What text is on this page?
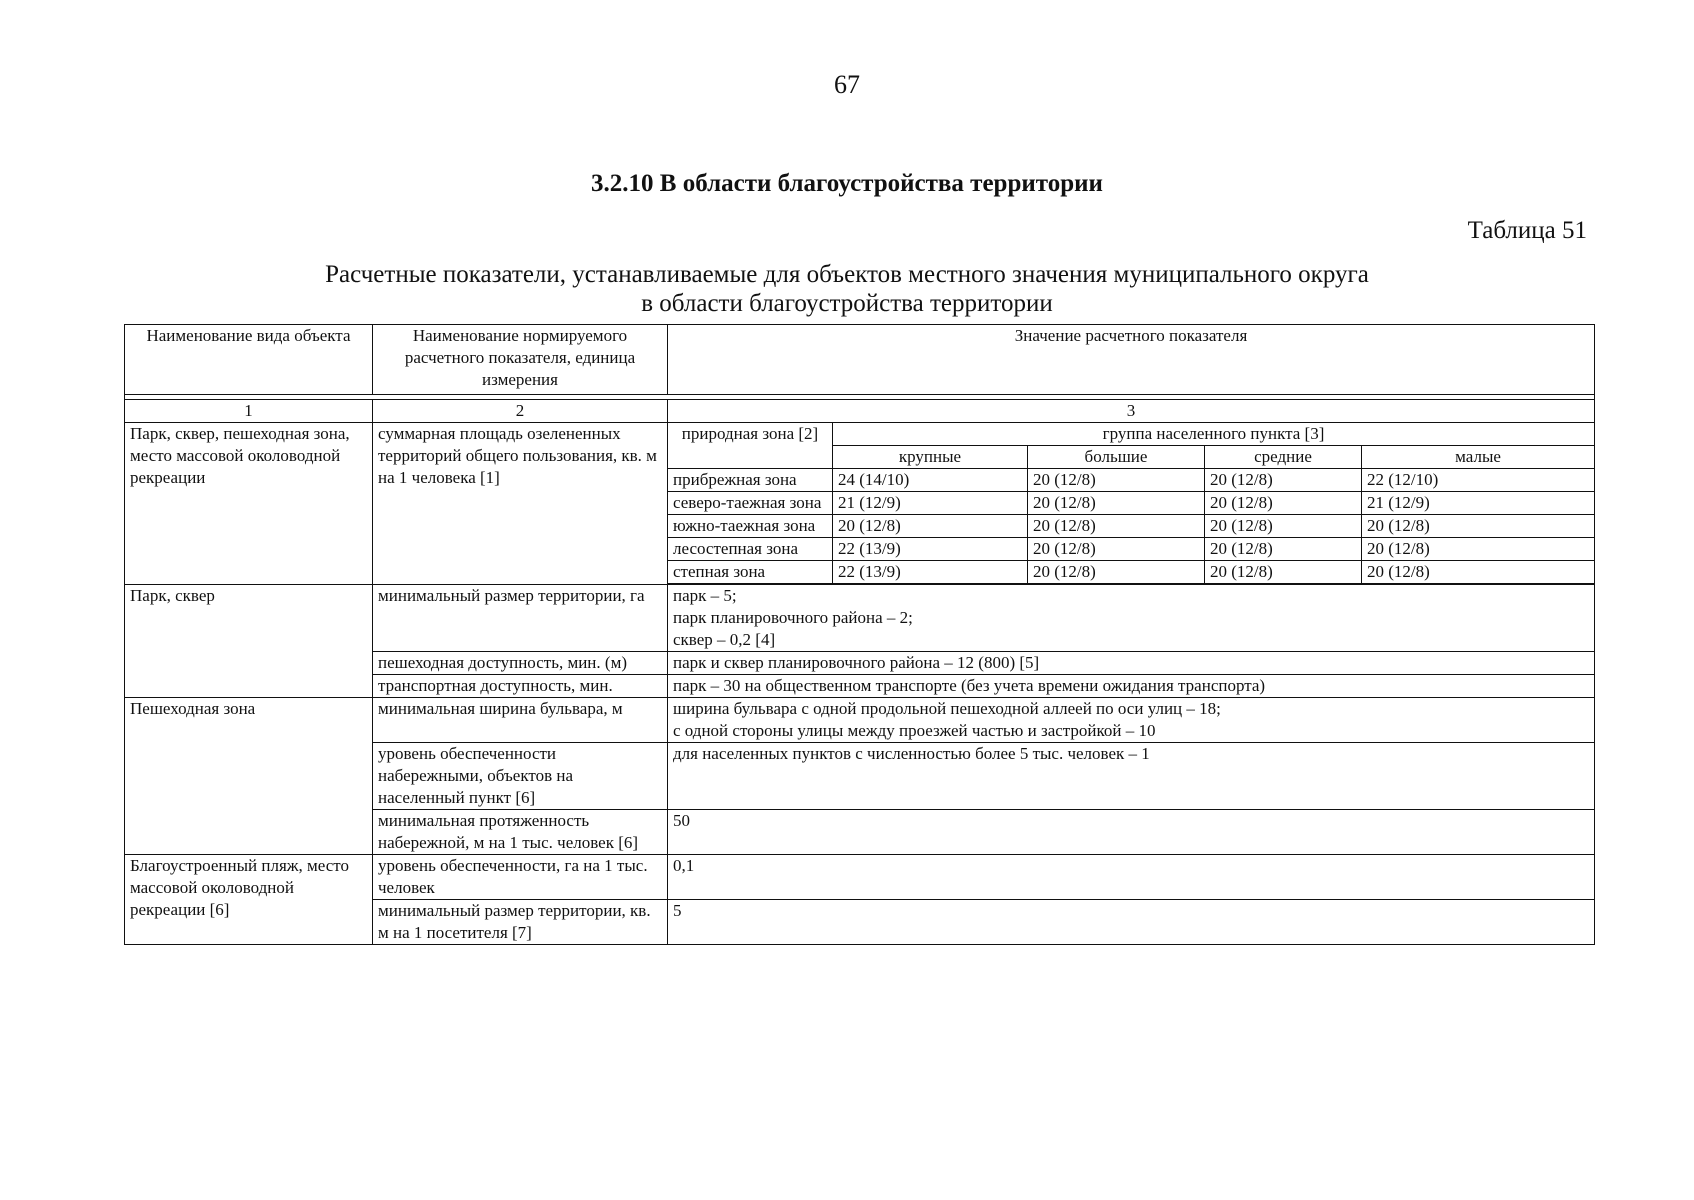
67
3.2.10 В области благоустройства территории
Таблица 51
Расчетные показатели, устанавливаемые для объектов местного значения муниципального округа
в области благоустройства территории
Наименование вида объекта	Наименование нормируемого расчетного показателя, единица измерения	Значение расчетного показателя				

1	2	3				
Парк, сквер, пешеходная зона, место массовой околоводной рекреации	суммарная площадь озелененных территорий общего пользования, кв. м на 1 человека [1]	природная зона [2]	группа населенного пункта [3]			
			крупные	большие	средние	малые
		прибрежная зона	24 (14/10)	20 (12/8)	20 (12/8)	22 (12/10)
		северо-таежная зона	21 (12/9)	20 (12/8)	20 (12/8)	21 (12/9)
		южно-таежная зона	20 (12/8)	20 (12/8)	20 (12/8)	20 (12/8)
		лесостепная зона	22 (13/9)	20 (12/8)	20 (12/8)	20 (12/8)
		степная зона	22 (13/9)	20 (12/8)	20 (12/8)	20 (12/8)

Парк, сквер	минимальный размер территории, га	парк – 5;
парк планировочного района – 2;
сквер – 0,2 [4]				

	пешеходная доступность, мин. (м)	парк и сквер планировочного района – 12 (800) [5]				
	транспортная доступность, мин.	парк – 30 на общественном транспорте (без учета времени ожидания транспорта)				
Пешеходная зона	минимальная ширина бульвара, м	ширина бульвара с одной продольной пешеходной аллеей по оси улиц – 18;
с одной стороны улицы между проезжей частью и застройкой – 10				

	уровень обеспеченности набережными, объектов на населенный пункт [6]	для населенных пунктов с численностью более 5 тыс. человек – 1				
	минимальная протяженность набережной, м на 1 тыс. человек [6]	50				
Благоустроенный пляж, место массовой околоводной рекреации [6]	уровень обеспеченности, га на 1 тыс. человек	0,1				
	минимальный размер территории, кв. м на 1 посетителя [7]	5				
